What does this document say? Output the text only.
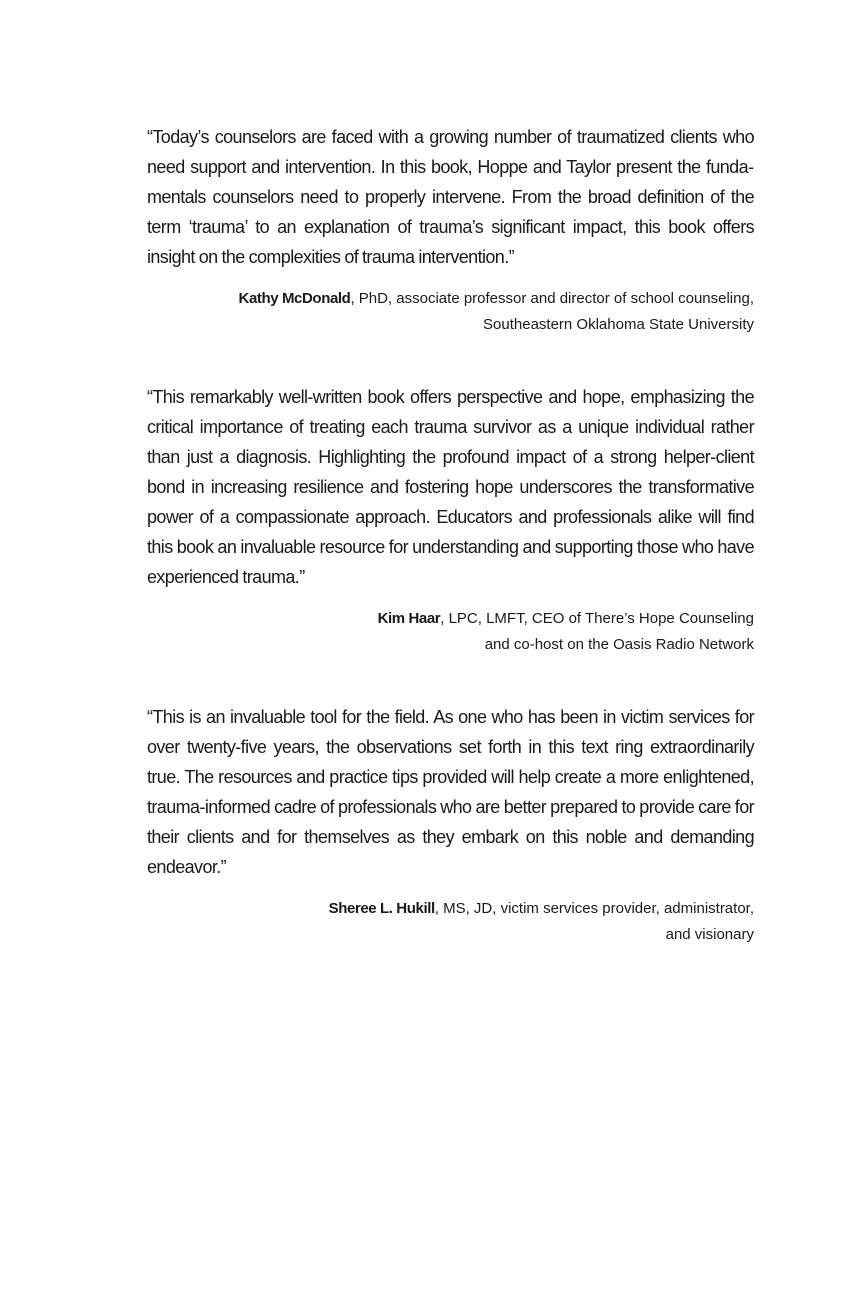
“Today’s counselors are faced with a growing number of traumatized clients who need support and intervention. In this book, Hoppe and Taylor present the fundamentals counselors need to properly intervene. From the broad definition of the term ‘trauma’ to an explanation of trauma’s significant impact, this book offers insight on the complexities of trauma intervention.”

Kathy McDonald, PhD, associate professor and director of school counseling,
Southeastern Oklahoma State University

“This remarkably well-written book offers perspective and hope, emphasizing the critical importance of treating each trauma survivor as a unique individual rather than just a diagnosis. Highlighting the profound impact of a strong helper-client bond in increasing resilience and fostering hope underscores the transformative power of a compassionate approach. Educators and professionals alike will find this book an invaluable resource for understanding and supporting those who have experienced trauma.”

Kim Haar, LPC, LMFT, CEO of There’s Hope Counseling
and co-host on the Oasis Radio Network

“This is an invaluable tool for the field. As one who has been in victim services for over twenty-five years, the observations set forth in this text ring extraordinarily true. The resources and practice tips provided will help create a more enlightened, trauma-informed cadre of professionals who are better prepared to provide care for their clients and for themselves as they embark on this noble and demanding endeavor.”

Sheree L. Hukill, MS, JD, victim services provider, administrator,
and visionary
